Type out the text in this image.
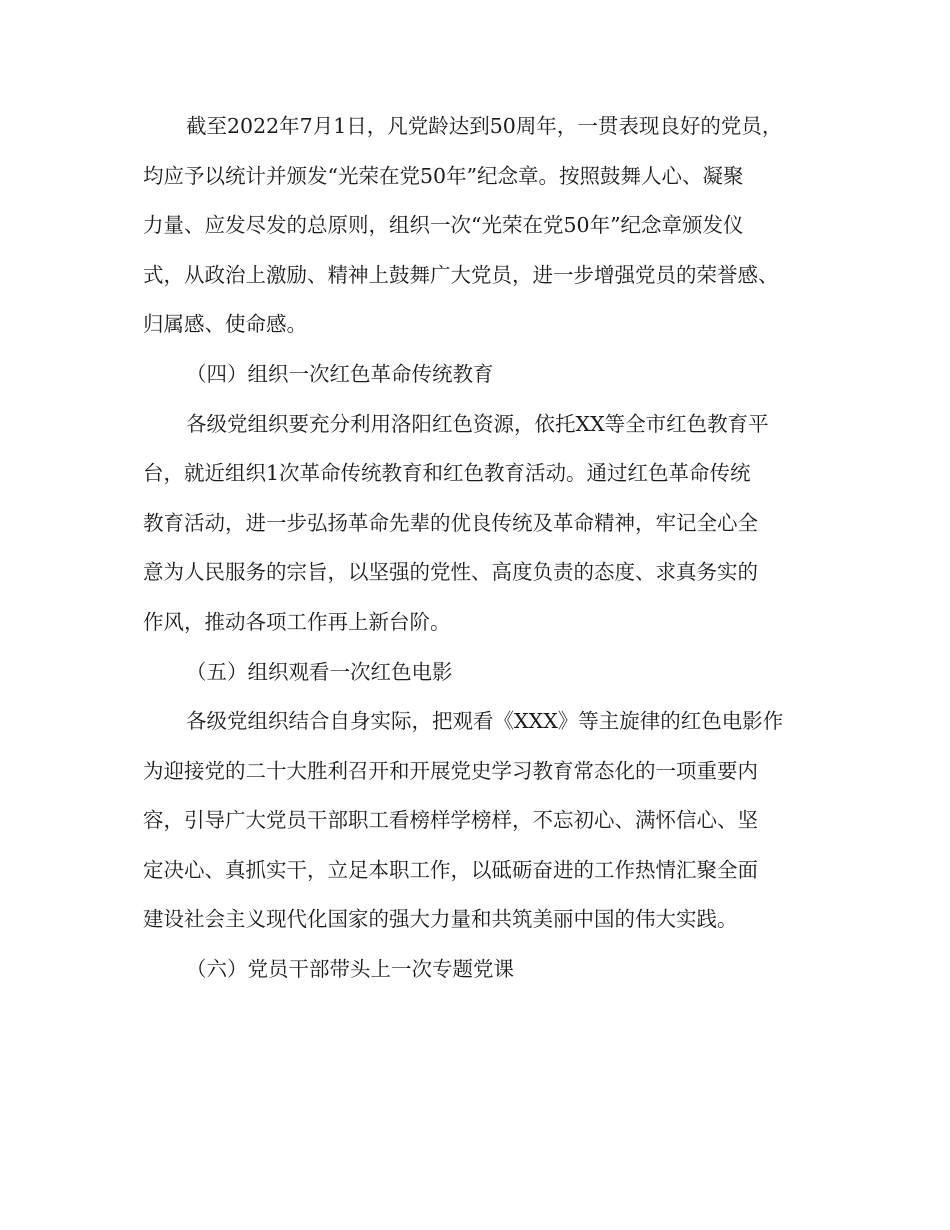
截至2022年7月1日，凡党龄达到50周年，一贯表现良好的党员，

均应予以统计并颁发“光荣在党50年”纪念章。按照鼓舞人心、凝聚

力量、应发尽发的总原则，组织一次“光荣在党50年”纪念章颁发仪

式，从政治上激励、精神上鼓舞广大党员，进一步增强党员的荣誉感、

归属感、使命感。

（四）组织一次红色革命传统教育

各级党组织要充分利用洛阳红色资源，依托XX等全市红色教育平

台，就近组织1次革命传统教育和红色教育活动。通过红色革命传统

教育活动，进一步弘扬革命先辈的优良传统及革命精神，牢记全心全

意为人民服务的宗旨，以坚强的党性、高度负责的态度、求真务实的

作风，推动各项工作再上新台阶。

（五）组织观看一次红色电影

各级党组织结合自身实际，把观看《XXX》等主旋律的红色电影作

为迎接党的二十大胜利召开和开展党史学习教育常态化的一项重要内

容，引导广大党员干部职工看榜样学榜样，不忘初心、满怀信心、坚

定决心、真抓实干，立足本职工作，以砥砺奋进的工作热情汇聚全面

建设社会主义现代化国家的强大力量和共筑美丽中国的伟大实践。

（六）党员干部带头上一次专题党课
